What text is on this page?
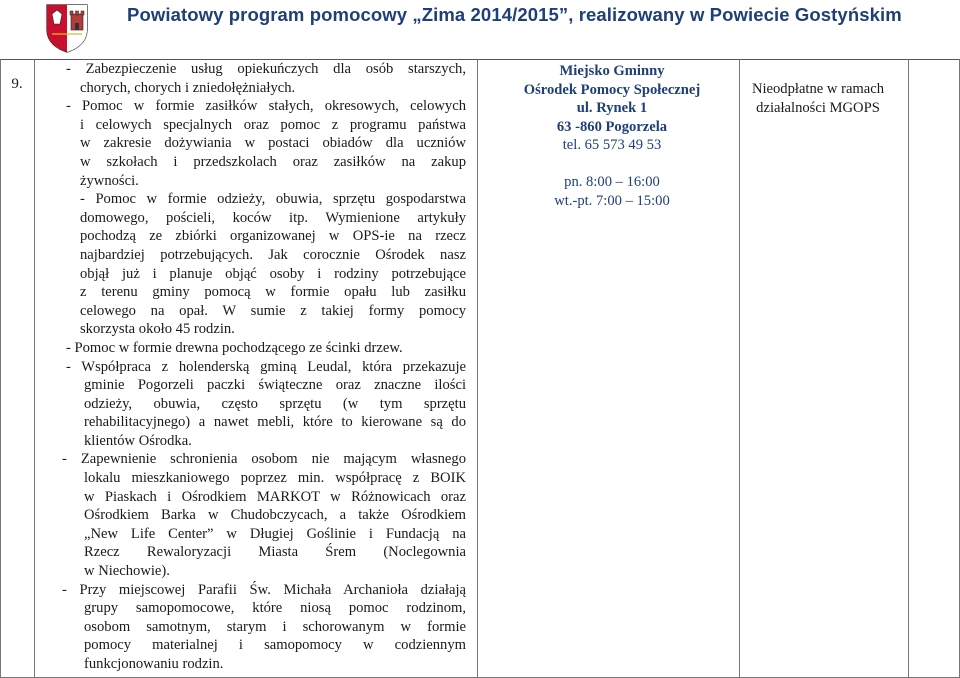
Powiatowy program pomocowy „Zima 2014/2015”, realizowany w Powiecie Gostyńskim
9.

- Zabezpieczenie usług opiekuńczych dla osób starszych,

chorych, chorych i zniedołężniałych.

- Pomoc w formie zasiłków stałych, okresowych, celowych

i celowych specjalnych oraz pomoc z programu państwa

w zakresie dożywiania w postaci obiadów dla uczniów

w szkołach i przedszkolach oraz zasiłków na zakup

żywności.

- Pomoc w formie odzieży, obuwia, sprzętu gospodarstwa

domowego, pościeli, koców itp. Wymienione artykuły

pochodzą ze zbiórki organizowanej w OPS-ie na rzecz

najbardziej potrzebujących. Jak corocznie Ośrodek nasz

objął już i planuje objąć osoby i rodziny potrzebujące

z terenu gminy pomocą w formie opału lub zasiłku

celowego na opał. W sumie z takiej formy pomocy

skorzysta około 45 rodzin.

- Pomoc w formie drewna pochodzącego ze ścinki drzew.

- Współpraca z holenderską gminą Leudal, która przekazuje

gminie Pogorzeli paczki świąteczne oraz znaczne ilości

odzieży, obuwia, często sprzętu (w tym sprzętu

rehabilitacyjnego) a nawet mebli, które to kierowane są do

klientów Ośrodka.

- Zapewnienie schronienia osobom nie mającym własnego

lokalu mieszkaniowego poprzez min. współpracę z BOIK

w Piaskach i Ośrodkiem MARKOT w Różnowicach oraz

Ośrodkiem Barka w Chudobczycach, a także Ośrodkiem

„New Life Center” w Długiej Goślinie i Fundacją na

Rzecz Rewaloryzacji Miasta Śrem (Noclegownia

w Niechowie).

- Przy miejscowej Parafii Św. Michała Archanioła działają

grupy samopomocowe, które niosą pomoc rodzinom,

osobom samotnym, starym i schorowanym w formie

pomocy materialnej i samopomocy w codziennym

funkcjonowaniu rodzin.

Miejsko Gminny
Ośrodek Pomocy Społecznej
ul. Rynek 1
63 -860 Pogorzela
tel. 65 573 49 53
pn. 8:00 – 16:00
wt.-pt. 7:00 – 15:00
Nieodpłatne w ramach
działalności MGOPS
